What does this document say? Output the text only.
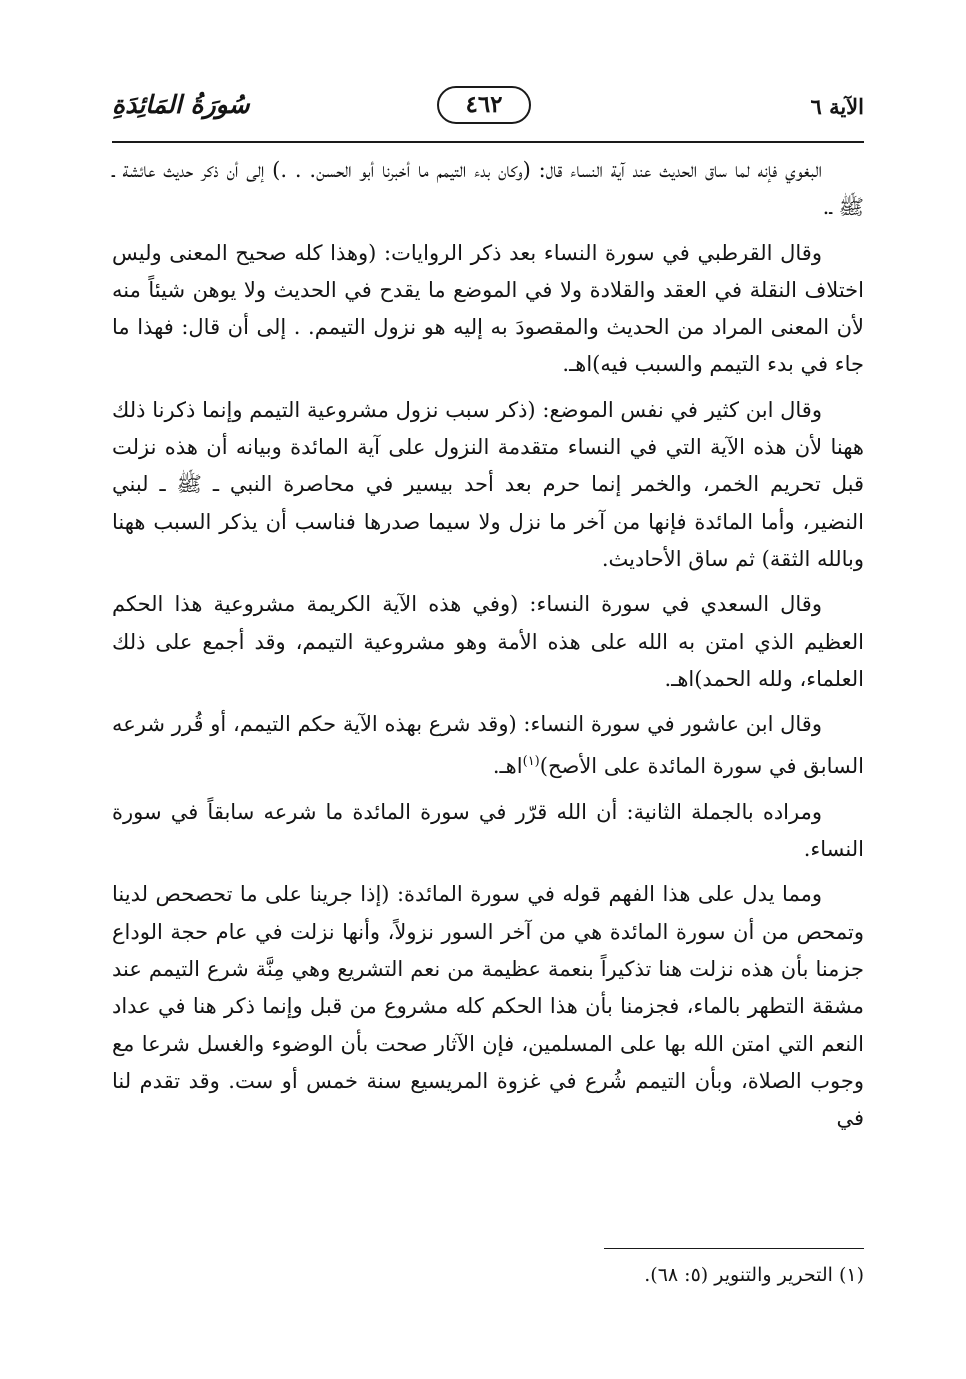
الآية ٦
٤٦٢
سُورَةُ المَائِدَةِ

البغوي فإنه لما ساق الحديث عند آية النساء قال: (وكان بدء التيمم ما أخبرنا أبو الحسن. . .) إلى أن ذكر حديث عائشة ـ ﷺ ـ.

وقال القرطبي في سورة النساء بعد ذكر الروايات: (وهذا كله صحيح المعنى وليس اختلاف النقلة في العقد والقلادة ولا في الموضع ما يقدح في الحديث ولا يوهن شيئاً منه لأن المعنى المراد من الحديث والمقصودَ به إليه هو نزول التيمم. . إلى أن قال: فهذا ما جاء في بدء التيمم والسبب فيه)اهـ.

وقال ابن كثير في نفس الموضع: (ذكر سبب نزول مشروعية التيمم وإنما ذكرنا ذلك ههنا لأن هذه الآية التي في النساء متقدمة النزول على آية المائدة وبيانه أن هذه نزلت قبل تحريم الخمر، والخمر إنما حرم بعد أحد بيسير في محاصرة النبي ـ ﷺ ـ لبني النضير، وأما المائدة فإنها من آخر ما نزل ولا سيما صدرها فناسب أن يذكر السبب ههنا وبالله الثقة) ثم ساق الأحاديث.

وقال السعدي في سورة النساء: (وفي هذه الآية الكريمة مشروعية هذا الحكم العظيم الذي امتن به الله على هذه الأمة وهو مشروعية التيمم، وقد أجمع على ذلك العلماء، ولله الحمد)اهـ.

وقال ابن عاشور في سورة النساء: (وقد شرع بهذه الآية حكم التيمم، أو قُرر شرعه السابق في سورة المائدة على الأصح)$^{(١)}$اهـ.

ومراده بالجملة الثانية: أن الله قرّر في سورة المائدة ما شرعه سابقاً في سورة النساء.

ومما يدل على هذا الفهم قوله في سورة المائدة: (إذا جرينا على ما تحصحص لدينا وتمحص من أن سورة المائدة هي من آخر السور نزولاً، وأنها نزلت في عام حجة الوداع جزمنا بأن هذه نزلت هنا تذكيراً بنعمة عظيمة من نعم التشريع وهي مِنَّة شرع التيمم عند مشقة التطهر بالماء، فجزمنا بأن هذا الحكم كله مشروع من قبل وإنما ذكر هنا في عداد النعم التي امتن الله بها على المسلمين، فإن الآثار صحت بأن الوضوء والغسل شرعا مع وجوب الصلاة، وبأن التيمم شُرع في غزوة المريسيع سنة خمس أو ست. وقد تقدم لنا في

(١) التحرير والتنوير (٥: ٦٨).
